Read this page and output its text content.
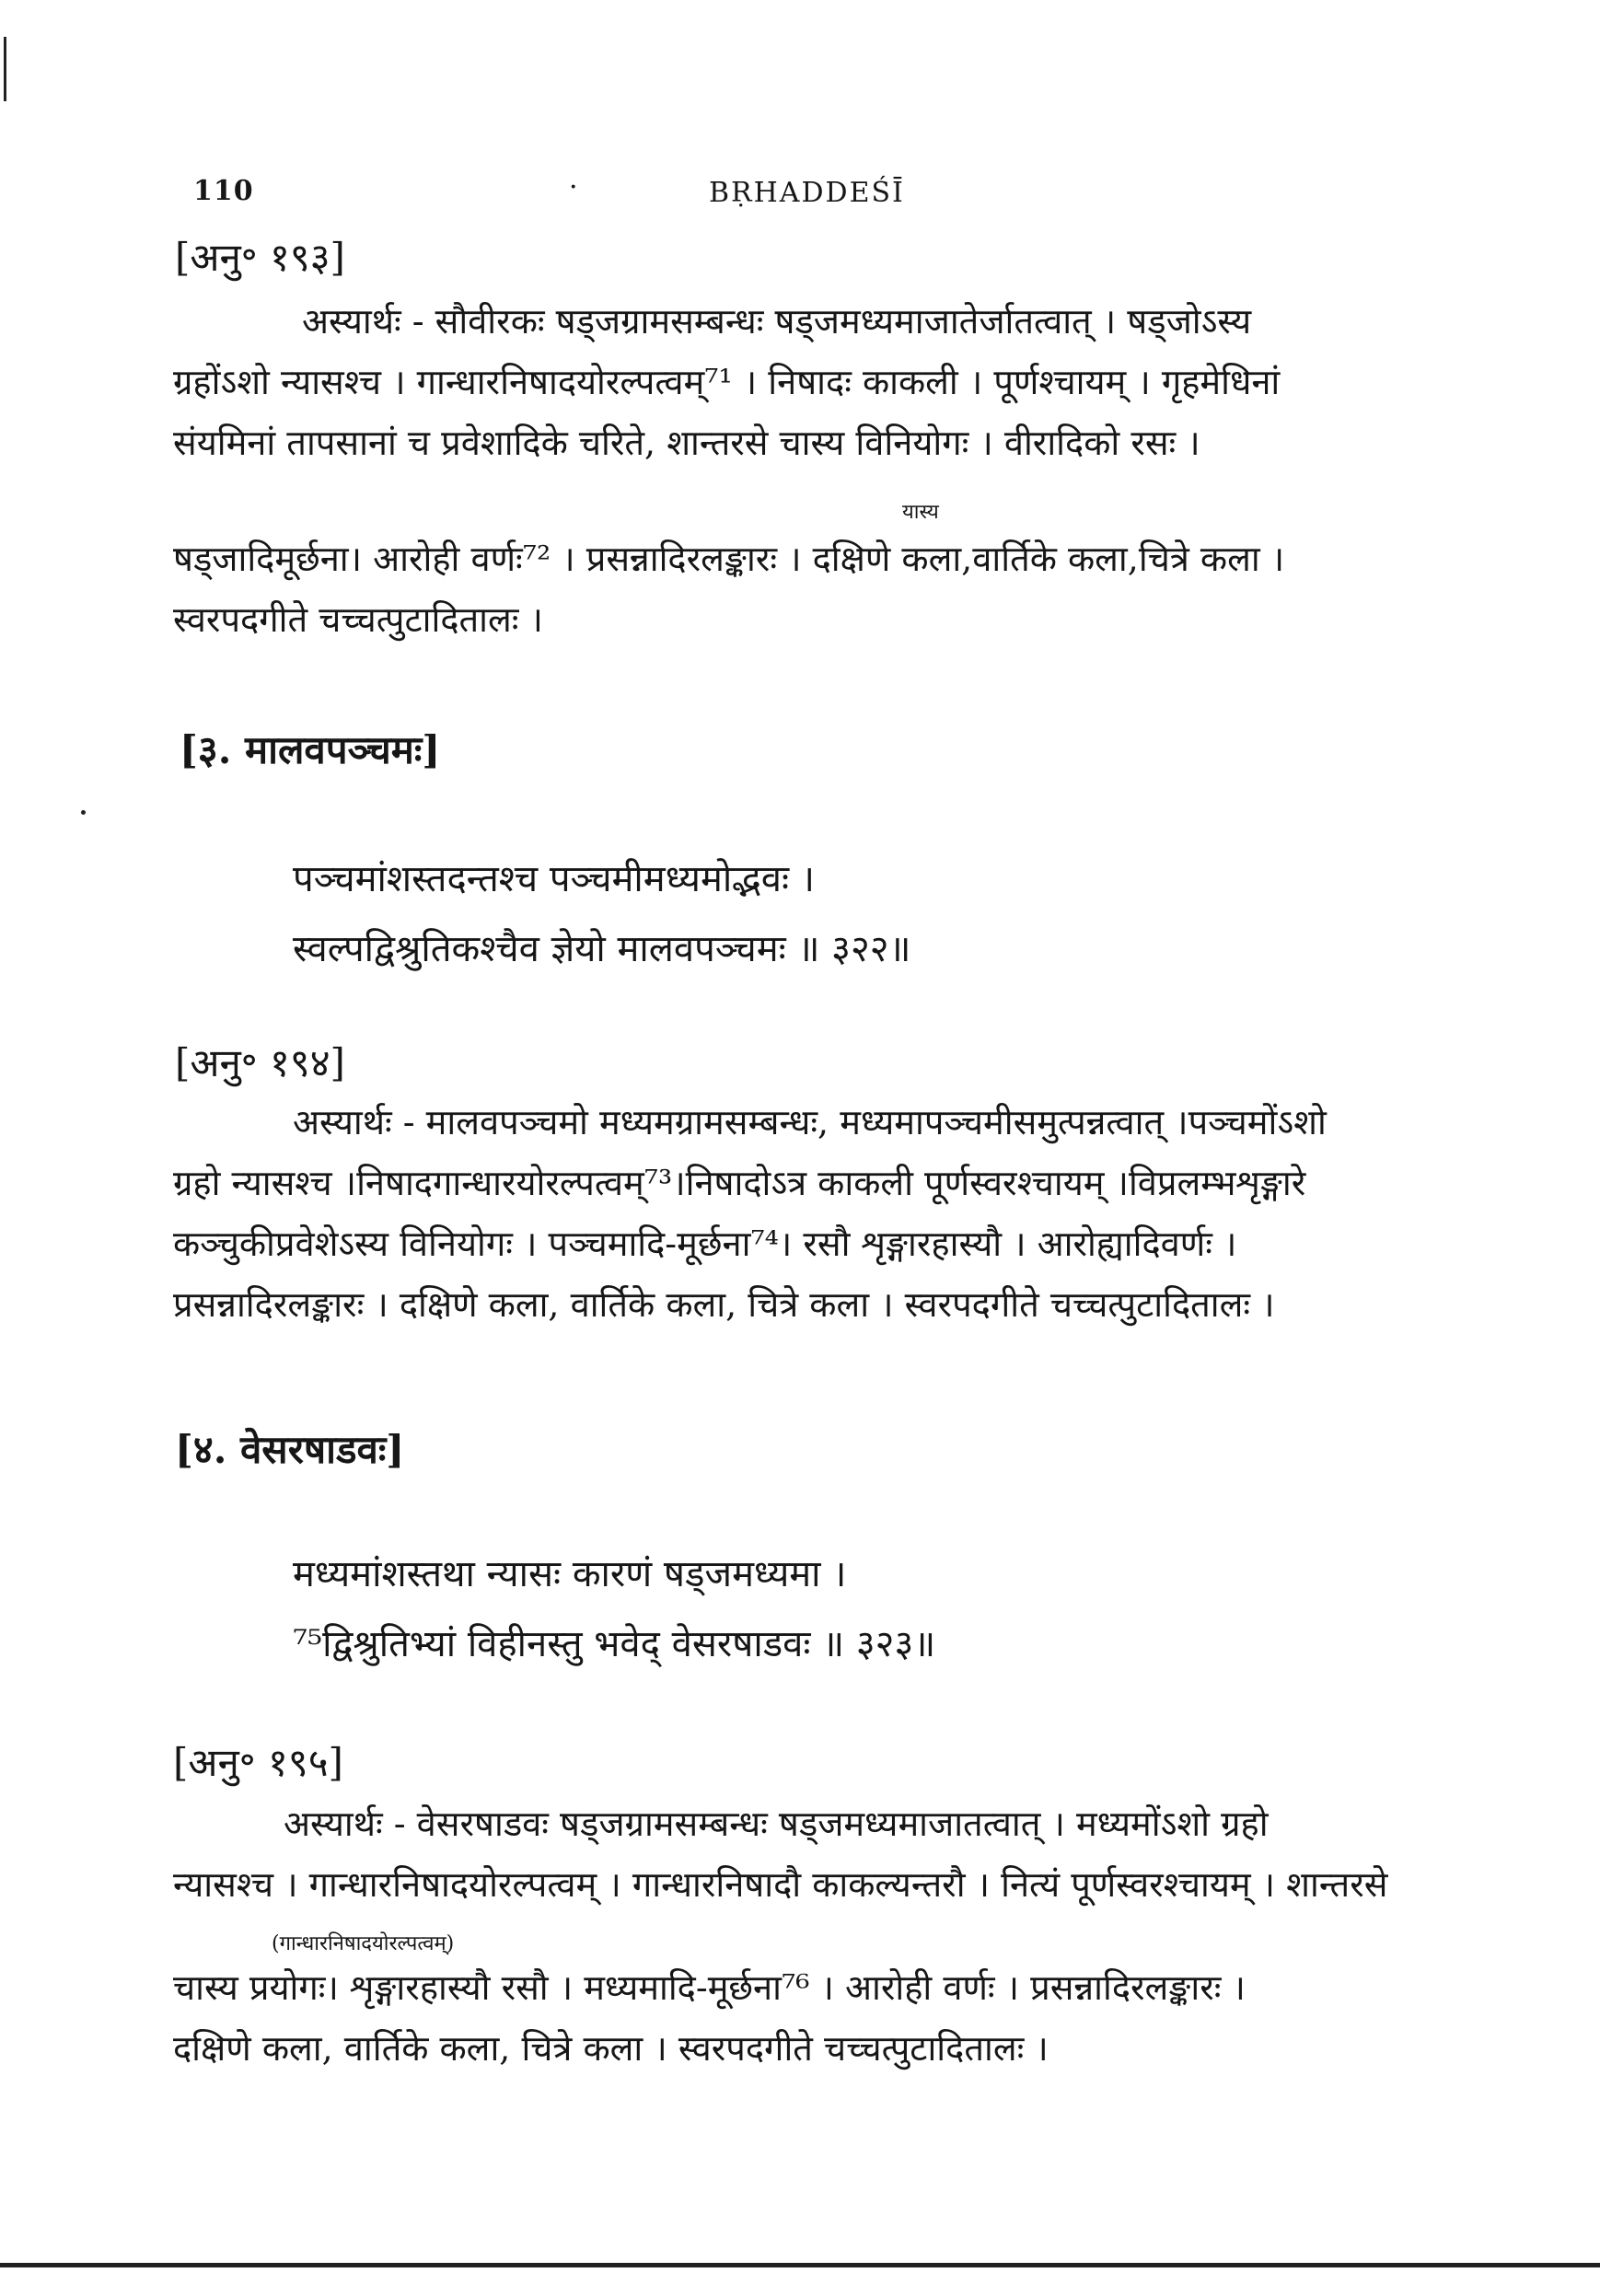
110	·	BṚHADDEŚĪ
[अनु॰ १९३]
अस्यार्थः - सौवीरकः षड्जग्रामसम्बन्धः षड्जमध्यमाजातेर्जातत्वात् । षड्जोऽस्य
ग्रहोंऽशो न्यासश्च । गान्धारनिषादयोरल्पत्वम्⁷¹ । निषादः काकली । पूर्णश्चायम् । गृहमेधिनां
संयमिनां तापसानां च प्रवेशादिके चरिते, शान्तरसे चास्य विनियोगः । वीरादिको रसः ।
यास्य
षड्जादिमूर्छना। आरोही वर्णः⁷² । प्रसन्नादिरलङ्कारः । दक्षिणे कला,वार्तिके कला,चित्रे कला ।
स्वरपदगीते चच्चत्पुटादितालः ।
[३. मालवपञ्चमः]
पञ्चमांशस्तदन्तश्च पञ्चमीमध्यमोद्भवः ।
स्वल्पद्विश्रुतिकश्चैव ज्ञेयो मालवपञ्चमः ॥ ३२२॥
[अनु॰ १९४]
अस्यार्थः - मालवपञ्चमो मध्यमग्रामसम्बन्धः, मध्यमापञ्चमीसमुत्पन्नत्वात् ।पञ्चमोंऽशो
ग्रहो न्यासश्च ।निषादगान्धारयोरल्पत्वम्⁷³।निषादोऽत्र काकली पूर्णस्वरश्चायम् ।विप्रलम्भशृङ्गारे
कञ्चुकीप्रवेशेऽस्य विनियोगः । पञ्चमादि-मूर्छना⁷⁴। रसौ शृङ्गारहास्यौ । आरोह्यादिवर्णः ।
प्रसन्नादिरलङ्कारः । दक्षिणे कला, वार्तिके कला, चित्रे कला । स्वरपदगीते चच्चत्पुटादितालः ।
[४. वेसरषाडवः]
मध्यमांशस्तथा न्यासः कारणं षड्जमध्यमा ।
⁷⁵द्विश्रुतिभ्यां विहीनस्तु भवेद् वेसरषाडवः ॥ ३२३॥
[अनु॰ १९५]
अस्यार्थः - वेसरषाडवः षड्जग्रामसम्बन्धः षड्जमध्यमाजातत्वात् । मध्यमोंऽशो ग्रहो
न्यासश्च । गान्धारनिषादयोरल्पत्वम् । गान्धारनिषादौ काकल्यन्तरौ । नित्यं पूर्णस्वरश्चायम् । शान्तरसे
(गान्धारनिषादयोरल्पत्वम्)
चास्य प्रयोगः। शृङ्गारहास्यौ रसौ । मध्यमादि-मूर्छना⁷⁶ । आरोही वर्णः । प्रसन्नादिरलङ्कारः ।
दक्षिणे कला, वार्तिके कला, चित्रे कला । स्वरपदगीते चच्चत्पुटादितालः ।
